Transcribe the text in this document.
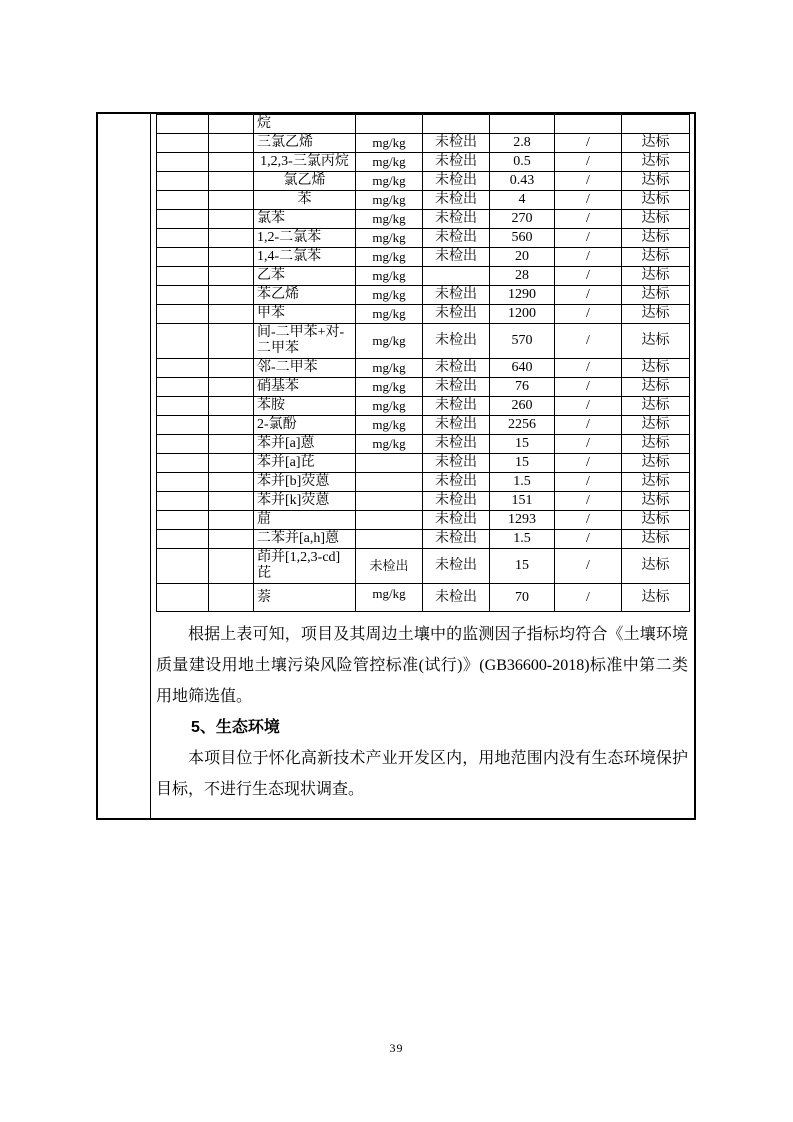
		烷					
		三氯乙烯	mg/kg	未检出	2.8	/	达标
		1,2,3-三氯丙烷	mg/kg	未检出	0.5	/	达标
		氯乙烯	mg/kg	未检出	0.43	/	达标
		苯	mg/kg	未检出	4	/	达标
		氯苯	mg/kg	未检出	270	/	达标
		1,2-二氯苯	mg/kg	未检出	560	/	达标
		1,4-二氯苯	mg/kg	未检出	20	/	达标
		乙苯	mg/kg		28	/	达标
		苯乙烯	mg/kg	未检出	1290	/	达标
		甲苯	mg/kg	未检出	1200	/	达标
		间-二甲苯+对-二甲苯	mg/kg	未检出	570	/	达标
		邻-二甲苯	mg/kg	未检出	640	/	达标
		硝基苯	mg/kg	未检出	76	/	达标
		苯胺	mg/kg	未检出	260	/	达标
		2-氯酚	mg/kg	未检出	2256	/	达标
		苯并[a]蒽	mg/kg	未检出	15	/	达标
		苯并[a]芘		未检出	15	/	达标
		苯并[b]荧蒽		未检出	1.5	/	达标
		苯并[k]荧蒽		未检出	151	/	达标
		䓛		未检出	1293	/	达标
		二苯并[a,h]蒽		未检出	1.5	/	达标
		茚并[1,2,3-cd]芘	未检出	未检出	15	/	达标
		萘	mg/kg	未检出	70	/	达标

根据上表可知，项目及其周边土壤中的监测因子指标均符合《土壤环境质量建设用地土壤污染风险管控标准(试行)》(GB36600-2018)标准中第二类用地筛选值。

5、生态环境

本项目位于怀化高新技术产业开发区内，用地范围内没有生态环境保护目标，不进行生态现状调查。

39
